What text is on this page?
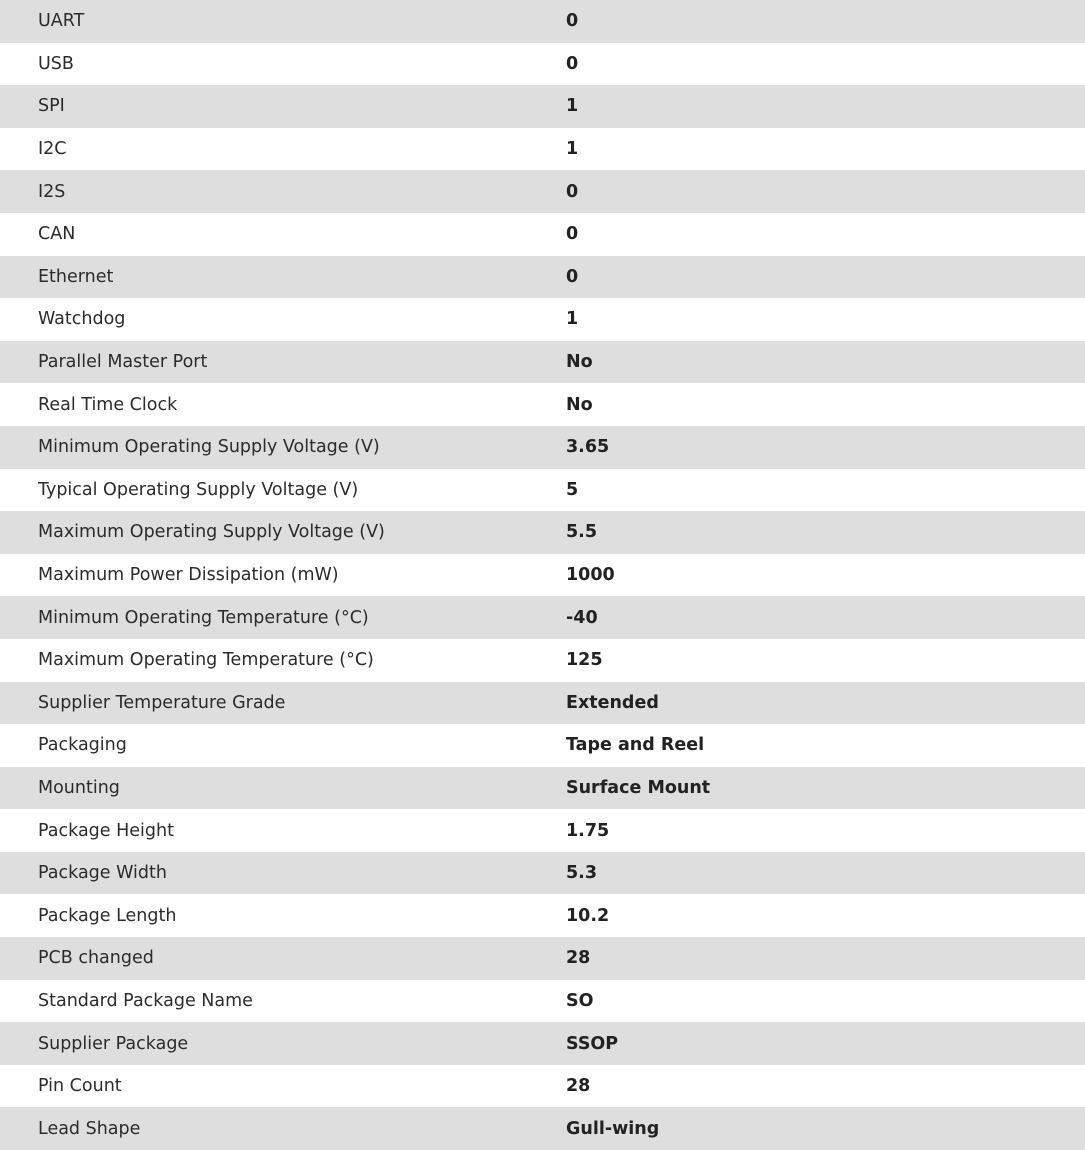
UART	0
USB	0
SPI	1
I2C	1
I2S	0
CAN	0
Ethernet	0
Watchdog	1
Parallel Master Port	No
Real Time Clock	No
Minimum Operating Supply Voltage (V)	3.65
Typical Operating Supply Voltage (V)	5
Maximum Operating Supply Voltage (V)	5.5
Maximum Power Dissipation (mW)	1000
Minimum Operating Temperature (°C)	-40
Maximum Operating Temperature (°C)	125
Supplier Temperature Grade	Extended
Packaging	Tape and Reel
Mounting	Surface Mount
Package Height	1.75
Package Width	5.3
Package Length	10.2
PCB changed	28
Standard Package Name	SO
Supplier Package	SSOP
Pin Count	28
Lead Shape	Gull-wing
